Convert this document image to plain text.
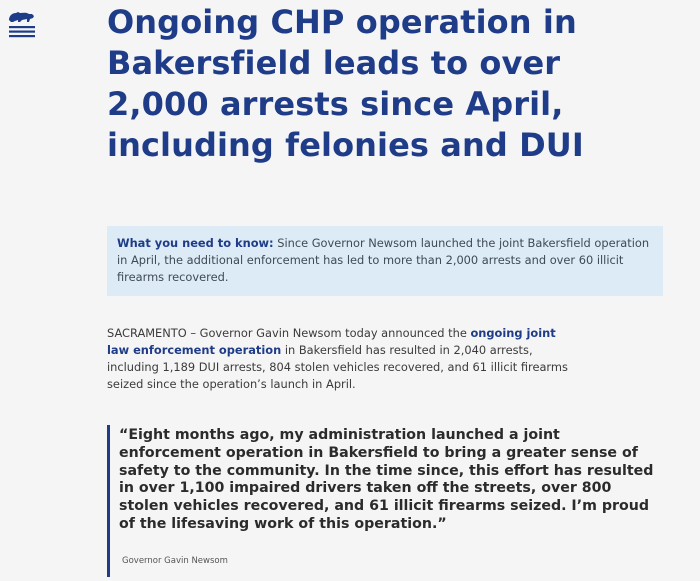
Ongoing CHP operation in Bakersfield leads to over 2,000 arrests since April, including felonies and DUI
What you need to know: Since Governor Newsom launched the joint Bakersfield operation in April, the additional enforcement has led to more than 2,000 arrests and over 60 illicit firearms recovered.

SACRAMENTO – Governor Gavin Newsom today announced the ongoing joint law enforcement operation in Bakersfield has resulted in 2,040 arrests, including 1,189 DUI arrests, 804 stolen vehicles recovered, and 61 illicit firearms seized since the operation’s launch in April.

“Eight months ago, my administration launched a joint enforcement operation in Bakersfield to bring a greater sense of safety to the community. In the time since, this effort has resulted in over 1,100 impaired drivers taken off the streets, over 800 stolen vehicles recovered, and 61 illicit firearms seized. I’m proud of the lifesaving work of this operation.”

Governor Gavin Newsom
